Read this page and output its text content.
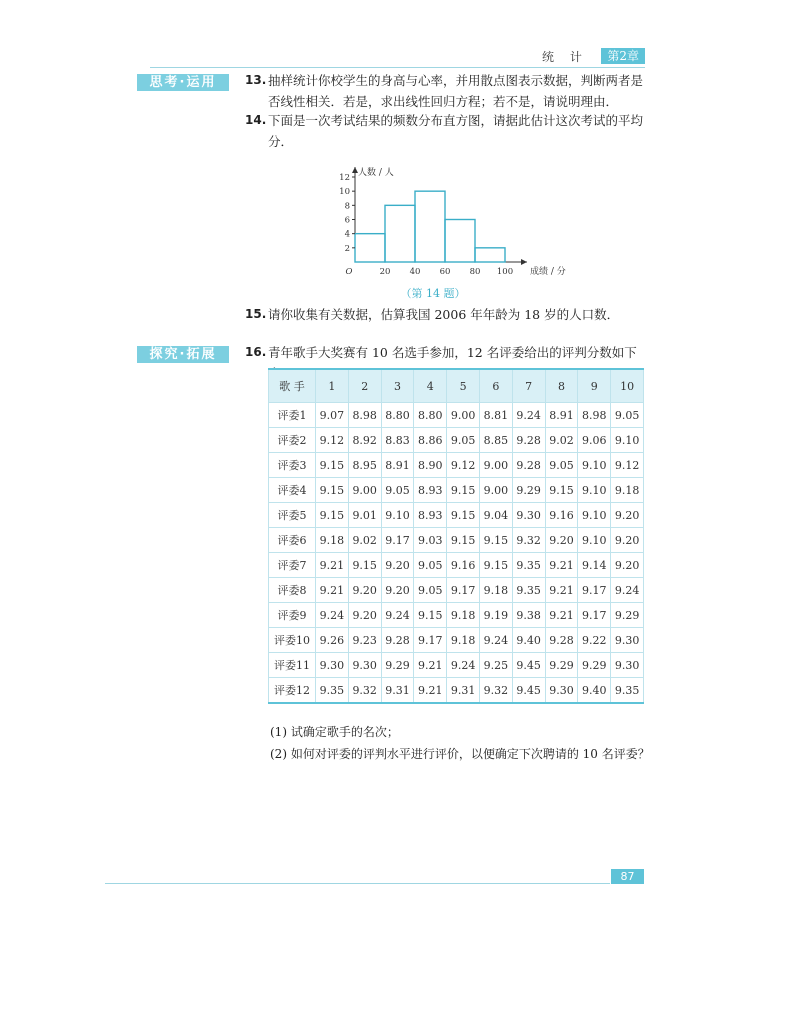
统 计	第2章
思考·运用	13. 抽样统计你校学生的身高与心率，并用散点图表示数据，判断两者是否线性相关．若是，求出线性回归方程；若不是，请说明理由．
14. 下面是一次考试结果的频数分布直方图，请据此估计这次考试的平均分．
2
4
6
8
10
12
20 40 60 80 100
O
人数 / 人
成绩 / 分
（第 14 题）
15. 请你收集有关数据，估算我国 2006 年年龄为 18 岁的人口数．
探究·拓展	16. 青年歌手大奖赛有 10 名选手参加，12 名评委给出的评判分数如下
歌 手	1	2	3	4	5	6	7	8	9	10
评委1	9.07	8.98	8.80	8.80	9.00	8.81	9.24	8.91	8.98	9.05
评委2	9.12	8.92	8.83	8.86	9.05	8.85	9.28	9.02	9.06	9.10
评委3	9.15	8.95	8.91	8.90	9.12	9.00	9.28	9.05	9.10	9.12
评委4	9.15	9.00	9.05	8.93	9.15	9.00	9.29	9.15	9.10	9.18
评委5	9.15	9.01	9.10	8.93	9.15	9.04	9.30	9.16	9.10	9.20
评委6	9.18	9.02	9.17	9.03	9.15	9.15	9.32	9.20	9.10	9.20
评委7	9.21	9.15	9.20	9.05	9.16	9.15	9.35	9.21	9.14	9.20
评委8	9.21	9.20	9.20	9.05	9.17	9.18	9.35	9.21	9.17	9.24
评委9	9.24	9.20	9.24	9.15	9.18	9.19	9.38	9.21	9.17	9.29
评委10	9.26	9.23	9.28	9.17	9.18	9.24	9.40	9.28	9.22	9.30
评委11	9.30	9.30	9.29	9.21	9.24	9.25	9.45	9.29	9.29	9.30
评委12	9.35	9.32	9.31	9.21	9.31	9.32	9.45	9.30	9.40	9.35
(1) 试确定歌手的名次；
(2) 如何对评委的评判水平进行评价，以便确定下次聘请的 10 名评委？
87
